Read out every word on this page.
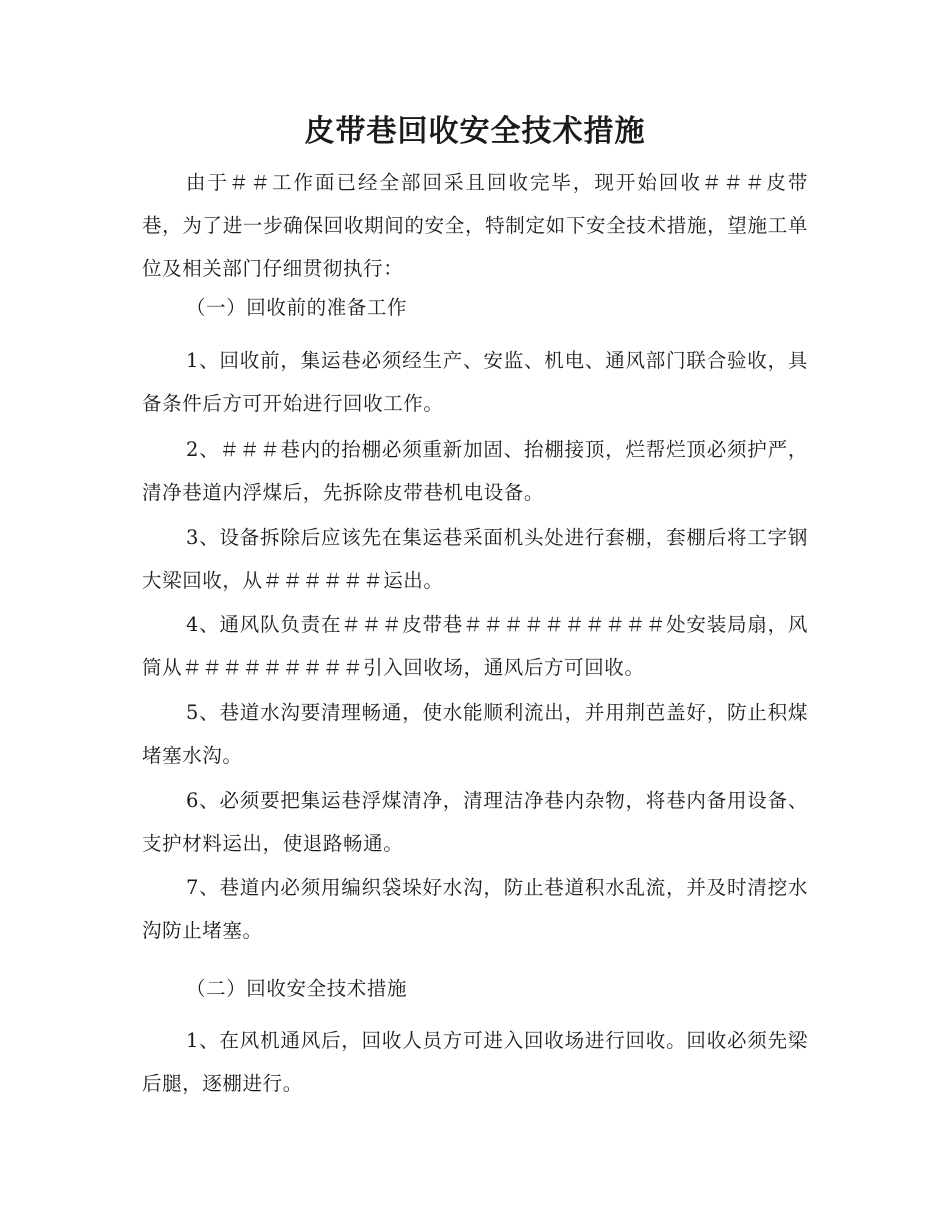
皮带巷回收安全技术措施

由于＃＃工作面已经全部回采且回收完毕，现开始回收＃＃＃皮带巷，为了进一步确保回收期间的安全，特制定如下安全技术措施，望施工单位及相关部门仔细贯彻执行：

（一）回收前的准备工作

1、回收前，集运巷必须经生产、安监、机电、通风部门联合验收，具备条件后方可开始进行回收工作。

2、＃＃＃巷内的抬棚必须重新加固、抬棚接顶，烂帮烂顶必须护严，清净巷道内浮煤后，先拆除皮带巷机电设备。

3、设备拆除后应该先在集运巷采面机头处进行套棚，套棚后将工字钢大梁回收，从＃＃＃＃＃＃运出。

4、通风队负责在＃＃＃皮带巷＃＃＃＃＃＃＃＃＃＃处安装局扇，风筒从＃＃＃＃＃＃＃＃＃引入回收场，通风后方可回收。

5、巷道水沟要清理畅通，使水能顺利流出，并用荆芭盖好，防止积煤堵塞水沟。

6、必须要把集运巷浮煤清净，清理洁净巷内杂物，将巷内备用设备、支护材料运出，使退路畅通。

7、巷道内必须用编织袋垛好水沟，防止巷道积水乱流，并及时清挖水沟防止堵塞。

（二）回收安全技术措施

1、在风机通风后，回收人员方可进入回收场进行回收。回收必须先梁后腿，逐棚进行。
